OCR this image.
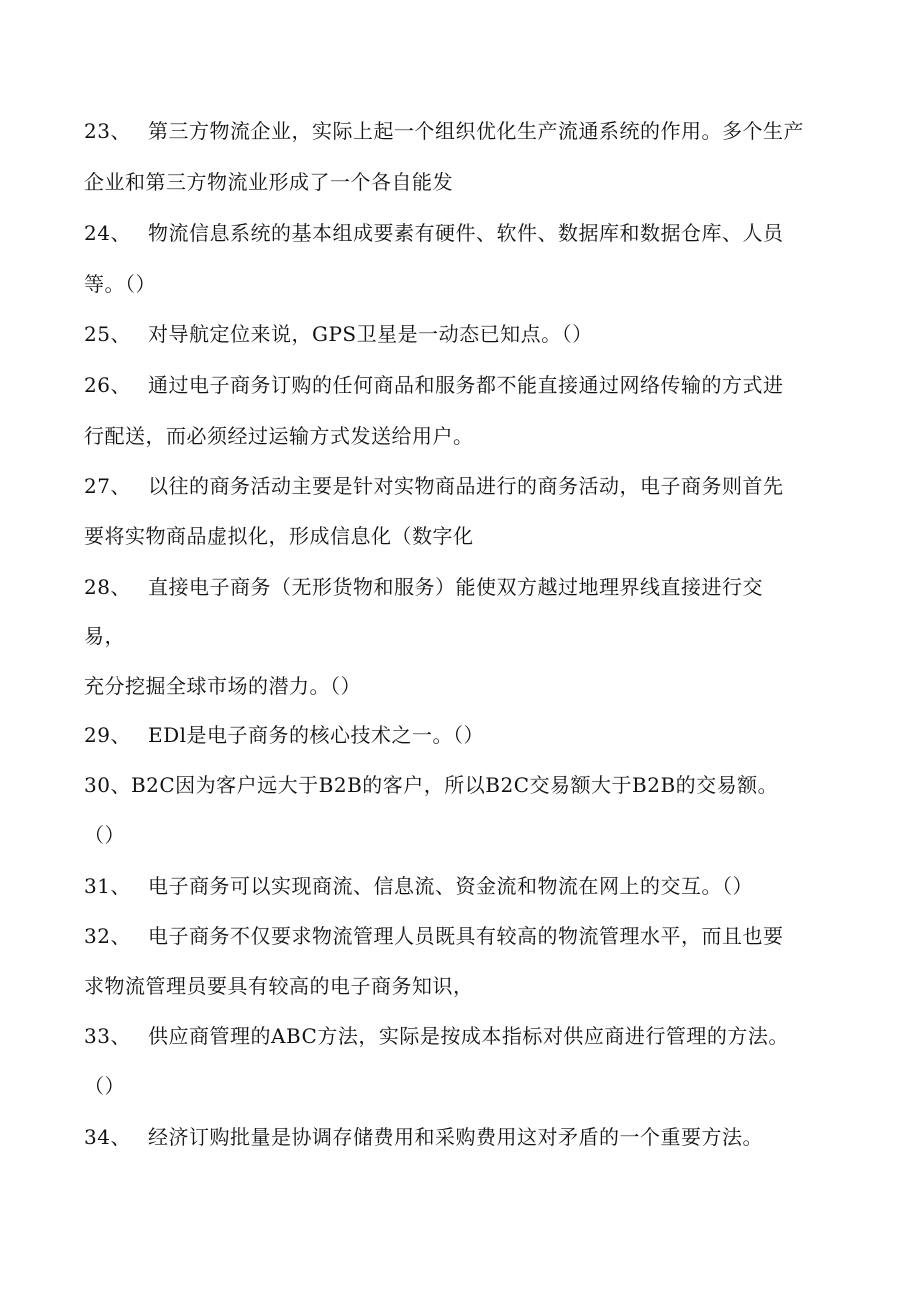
23、 第三方物流企业，实际上起一个组织优化生产流通系统的作用。多个生产
企业和第三方物流业形成了一个各自能发
24、 物流信息系统的基本组成要素有硬件、软件、数据库和数据仓库、人员
等。（）
25、 对导航定位来说，GPS卫星是一动态已知点。（）
26、 通过电子商务订购的任何商品和服务都不能直接通过网络传输的方式进
行配送，而必须经过运输方式发送给用户。
27、 以往的商务活动主要是针对实物商品进行的商务活动，电子商务则首先
要将实物商品虚拟化，形成信息化（数字化
28、 直接电子商务（无形货物和服务）能使双方越过地理界线直接进行交
易，
充分挖掘全球市场的潜力。（）
29、 EDl是电子商务的核心技术之一。（）
30、B2C因为客户远大于B2B的客户，所以B2C交易额大于B2B的交易额。
（）
31、 电子商务可以实现商流、信息流、资金流和物流在网上的交互。（）
32、 电子商务不仅要求物流管理人员既具有较高的物流管理水平，而且也要
求物流管理员要具有较高的电子商务知识，
33、 供应商管理的ABC方法，实际是按成本指标对供应商进行管理的方法。
（）
34、 经济订购批量是协调存储费用和采购费用这对矛盾的一个重要方法。
